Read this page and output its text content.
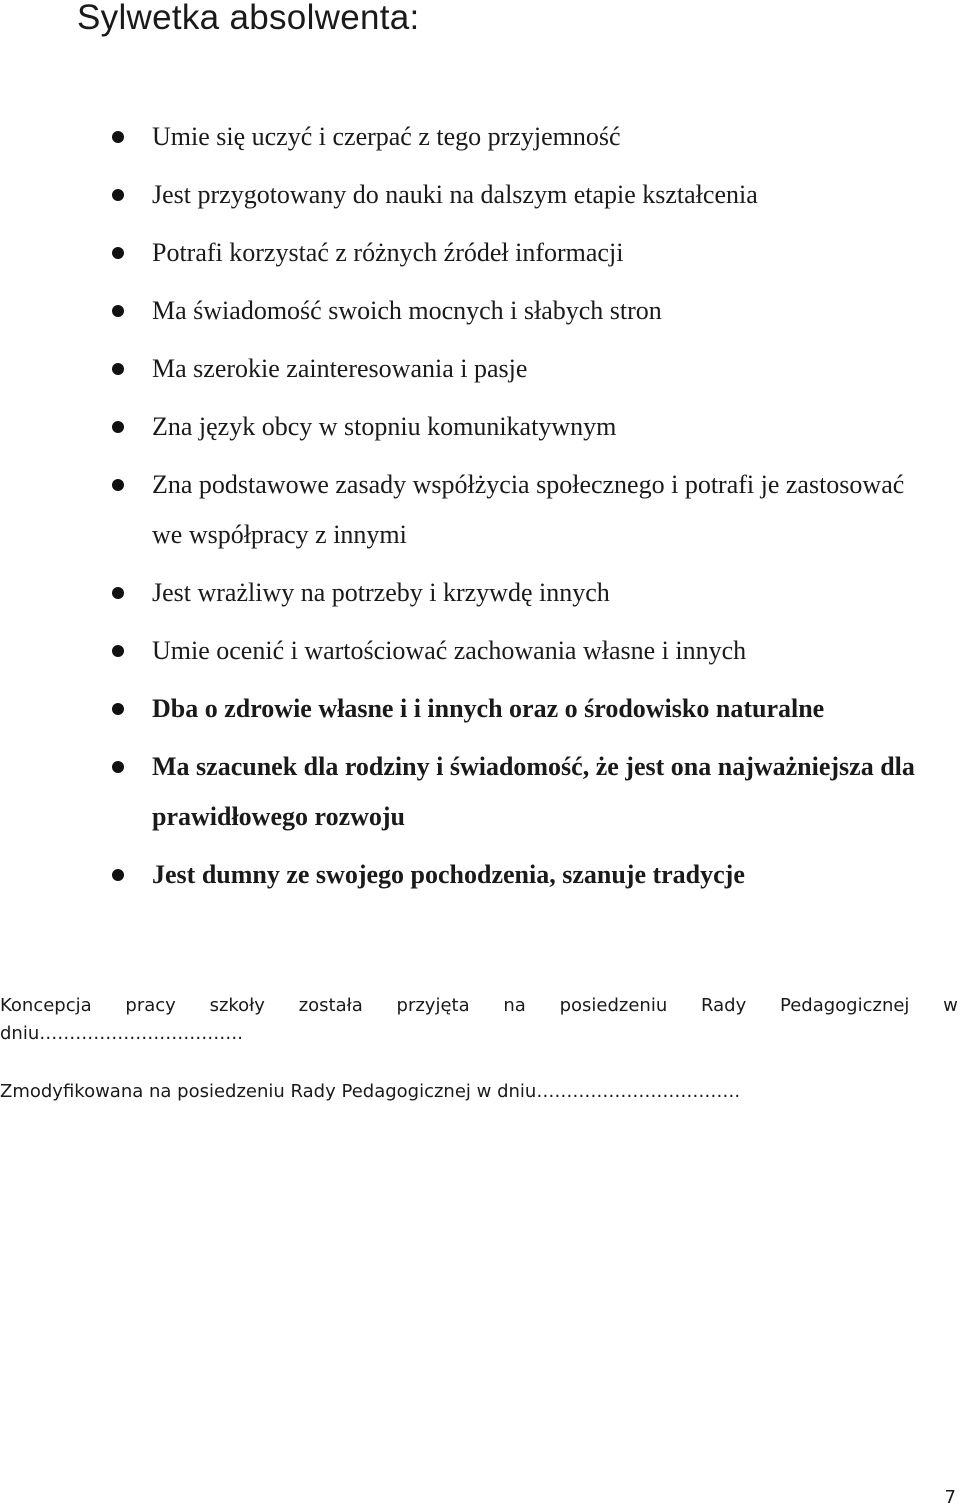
Sylwetka absolwenta:
Umie się uczyć i czerpać z tego przyjemność
Jest przygotowany do nauki na dalszym etapie kształcenia
Potrafi korzystać z różnych źródeł informacji
Ma świadomość swoich mocnych i słabych stron
Ma szerokie zainteresowania i pasje
Zna język obcy w stopniu komunikatywnym
Zna podstawowe zasady współżycia społecznego i potrafi je zastosować we współpracy z innymi
Jest wrażliwy na potrzeby i krzywdę innych
Umie ocenić i wartościować zachowania własne i innych
Dba o zdrowie własne i i innych oraz o środowisko naturalne
Ma szacunek dla rodziny i świadomość, że jest ona najważniejsza dla prawidłowego rozwoju
Jest dumny ze swojego pochodzenia, szanuje tradycje
Koncepcja pracy szkoły została przyjęta na posiedzeniu Rady Pedagogicznej w
dniu…………………………….
Zmodyfikowana na posiedzeniu Rady Pedagogicznej w dniu…………………………….
7
